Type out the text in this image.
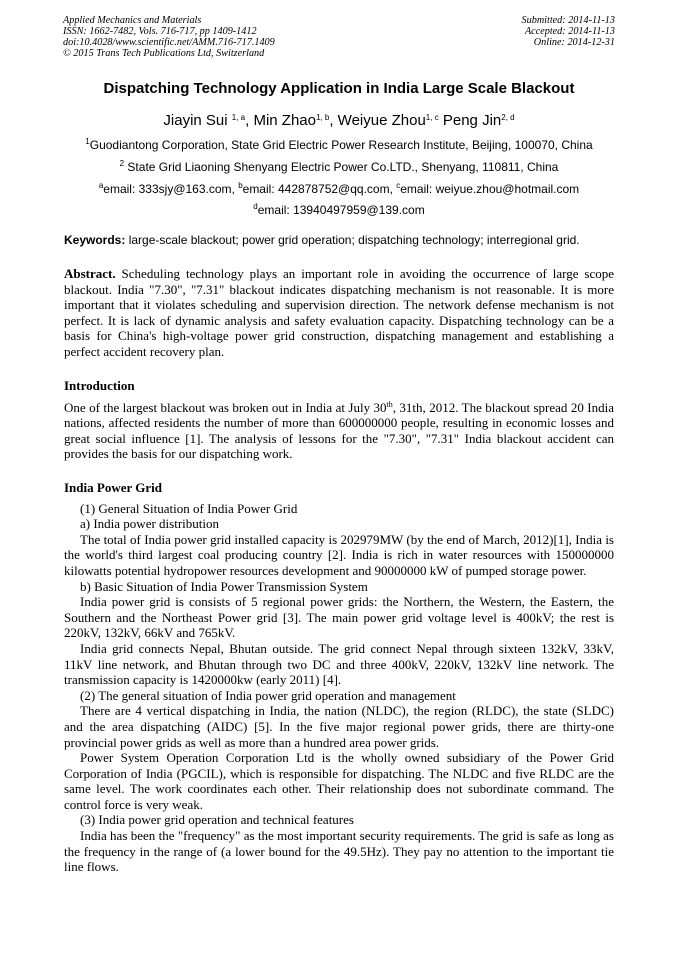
Applied Mechanics and Materials
ISSN: 1662-7482, Vols. 716-717, pp 1409-1412
doi:10.4028/www.scientific.net/AMM.716-717.1409
© 2015 Trans Tech Publications Ltd, Switzerland
Submitted: 2014-11-13
Accepted: 2014-11-13
Online: 2014-12-31
Dispatching Technology Application in India Large Scale Blackout
Jiayin Sui $^{1, a}$, Min Zhao$^{1, b}$, Weiyue Zhou$^{1, c}$ Peng Jin$^{2, d}$
$^1$Guodiantong Corporation, State Grid Electric Power Research Institute, Beijing, 100070, China
$^2$ State Grid Liaoning Shenyang Electric Power Co.LTD., Shenyang, 110811, China
$^a$email: 333sjy@163.com, $^b$email: 442878752@qq.com, $^c$email: weiyue.zhou@hotmail.com
$^d$email: 13940497959@139.com
Keywords: large-scale blackout; power grid operation; dispatching technology; interregional grid.

Abstract. Scheduling technology plays an important role in avoiding the occurrence of large scope blackout. India "7.30", "7.31" blackout indicates dispatching mechanism is not reasonable. It is more important that it violates scheduling and supervision direction. The network defense mechanism is not perfect. It is lack of dynamic analysis and safety evaluation capacity. Dispatching technology can be a basis for China's high-voltage power grid construction, dispatching management and establishing a perfect accident recovery plan.

Introduction

One of the largest blackout was broken out in India at July 30th, 31th, 2012. The blackout spread 20 India nations, affected residents the number of more than 600000000 people, resulting in economic losses and great social influence [1]. The analysis of lessons for the "7.30", "7.31" India blackout accident can provides the basis for our dispatching work.

India Power Grid

(1) General Situation of India Power Grid

a) India power distribution

The total of India power grid installed capacity is 202979MW (by the end of March, 2012)[1], India is the world's third largest coal producing country [2]. India is rich in water resources with 150000000 kilowatts potential hydropower resources development and 90000000 kW of pumped storage power.

b) Basic Situation of India Power Transmission System

India power grid is consists of 5 regional power grids: the Northern, the Western, the Eastern, the Southern and the Northeast Power grid [3]. The main power grid voltage level is 400kV; the rest is 220kV, 132kV, 66kV and 765kV.

India grid connects Nepal, Bhutan outside. The grid connect Nepal through sixteen 132kV, 33kV, 11kV line network, and Bhutan through two DC and three 400kV, 220kV, 132kV line network. The transmission capacity is 1420000kw (early 2011) [4].

(2) The general situation of India power grid operation and management

There are 4 vertical dispatching in India, the nation (NLDC), the region (RLDC), the state (SLDC) and the area dispatching (AIDC) [5]. In the five major regional power grids, there are thirty-one provincial power grids as well as more than a hundred area power grids.

Power System Operation Corporation Ltd is the wholly owned subsidiary of the Power Grid Corporation of India (PGCIL), which is responsible for dispatching. The NLDC and five RLDC are the same level. The work coordinates each other. Their relationship does not subordinate command. The control force is very weak.

(3) India power grid operation and technical features

India has been the "frequency" as the most important security requirements. The grid is safe as long as the frequency in the range of (a lower bound for the 49.5Hz). They pay no attention to the important tie line flows.
